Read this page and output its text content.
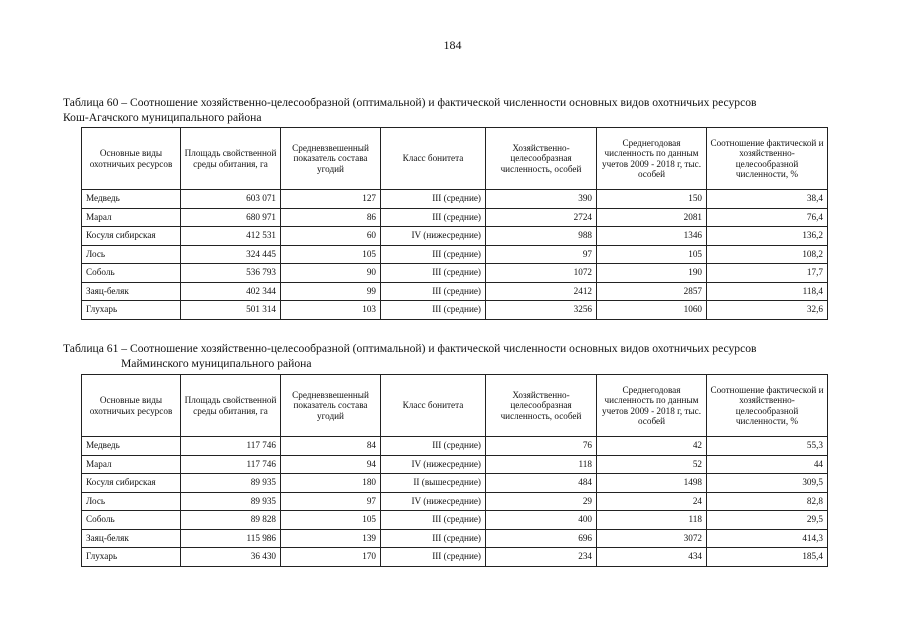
184
Таблица 60 – Соотношение хозяйственно-целесообразной (оптимальной) и фактической численности основных видов охотничьих ресурсов
Кош-Агачского муниципального района
Основные виды охотничьих ресурсов	Площадь свойственной среды обитания, га	Средневзвешенный показатель состава угодий	Класс бонитета	Хозяйственно-целесообразная численность, особей	Среднегодовая численность по данным учетов 2009 - 2018 г, тыс. особей	Соотношение фактической и хозяйственно-целесообразной численности, %
Медведь	603 071	127	III (средние)	390	150	38,4
Марал	680 971	86	III (средние)	2724	2081	76,4
Косуля сибирская	412 531	60	IV (нижесредние)	988	1346	136,2
Лось	324 445	105	III (средние)	97	105	108,2
Соболь	536 793	90	III (средние)	1072	190	17,7
Заяц-беляк	402 344	99	III (средние)	2412	2857	118,4
Глухарь	501 314	103	III (средние)	3256	1060	32,6
Таблица 61 – Соотношение хозяйственно-целесообразной (оптимальной) и фактической численности основных видов охотничьих ресурсов
Майминского муниципального района
Основные виды охотничьих ресурсов	Площадь свойственной среды обитания, га	Средневзвешенный показатель состава угодий	Класс бонитета	Хозяйственно-целесообразная численность, особей	Среднегодовая численность по данным учетов 2009 - 2018 г, тыс. особей	Соотношение фактической и хозяйственно-целесообразной численности, %
Медведь	117 746	84	III (средние)	76	42	55,3
Марал	117 746	94	IV (нижесредние)	118	52	44
Косуля сибирская	89 935	180	II (вышесредние)	484	1498	309,5
Лось	89 935	97	IV (нижесредние)	29	24	82,8
Соболь	89 828	105	III (средние)	400	118	29,5
Заяц-беляк	115 986	139	III (средние)	696	3072	414,3
Глухарь	36 430	170	III (средние)	234	434	185,4
